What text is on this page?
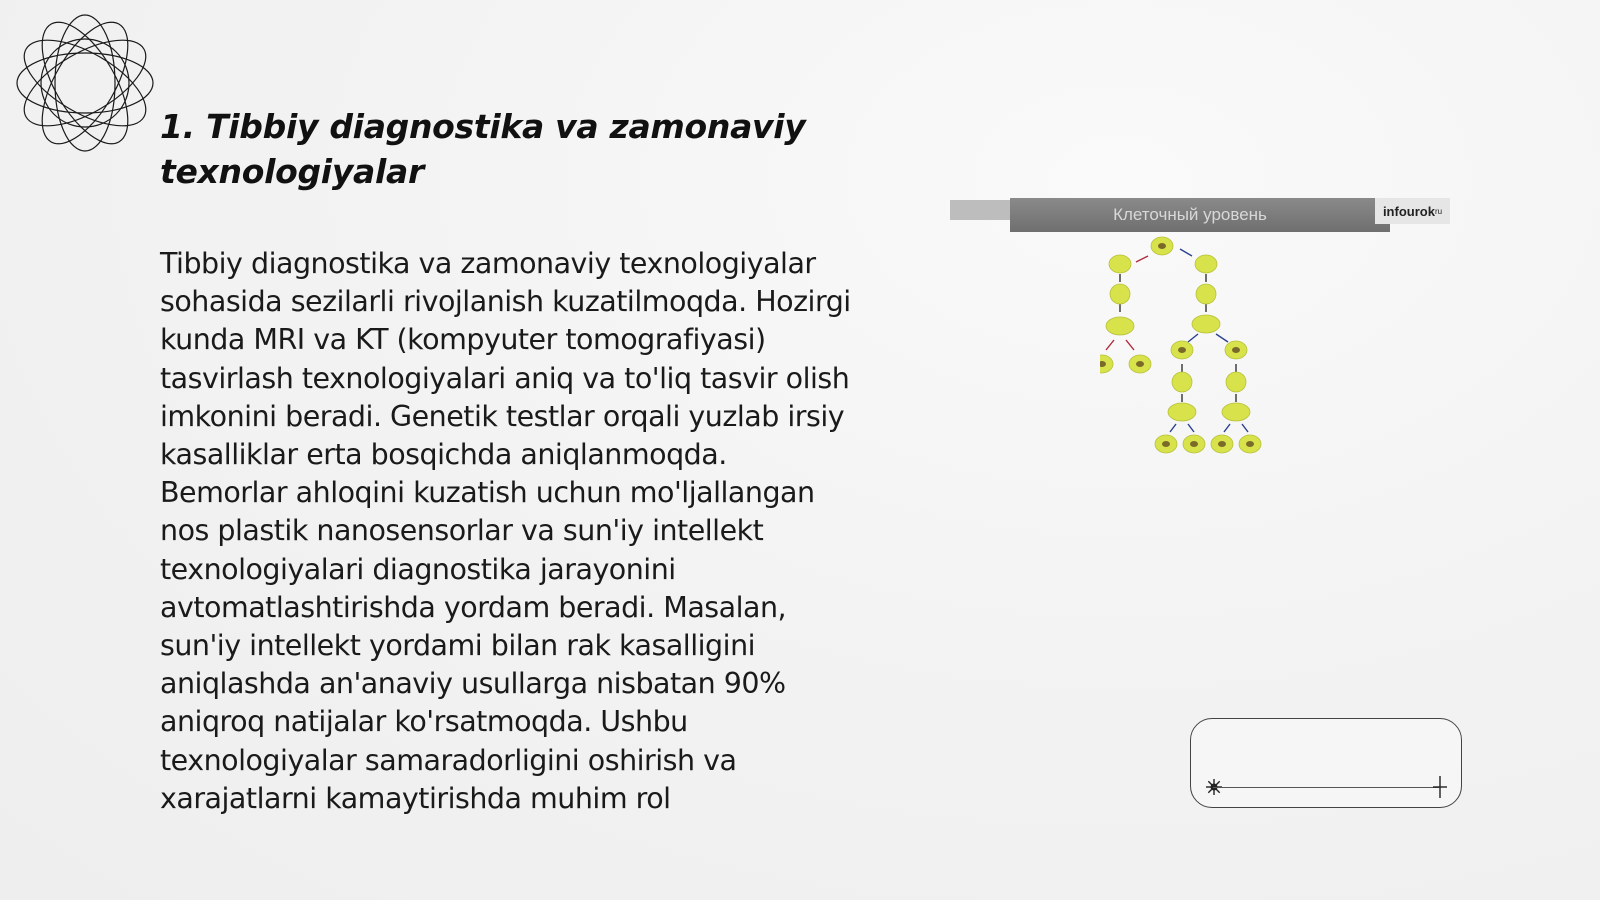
1. Tibbiy diagnostika va zamonaviy texnologiyalar

Tibbiy diagnostika va zamonaviy texnologiyalar sohasida sezilarli rivojlanish kuzatilmoqda. Hozirgi kunda MRI va KT (kompyuter tomografiyasi) tasvirlash texnologiyalari aniq va to'liq tasvir olish imkonini beradi. Genetik testlar orqali yuzlab irsiy kasalliklar erta bosqichda aniqlanmoqda. Bemorlar ahloqini kuzatish uchun mo'ljallangan nos plastik nanosensorlar va sun'iy intellekt texnologiyalari diagnostika jarayonini avtomatlashtirishda yordam beradi. Masalan, sun'iy intellekt yordami bilan rak kasalligini aniqlashda an'anaviy usullarga nisbatan 90% aniqroq natijalar ko'rsatmoqda. Ushbu texnologiyalar samaradorligini oshirish va xarajatlarni kamaytirishda muhim rol

Клеточный уровень	infourok ru
